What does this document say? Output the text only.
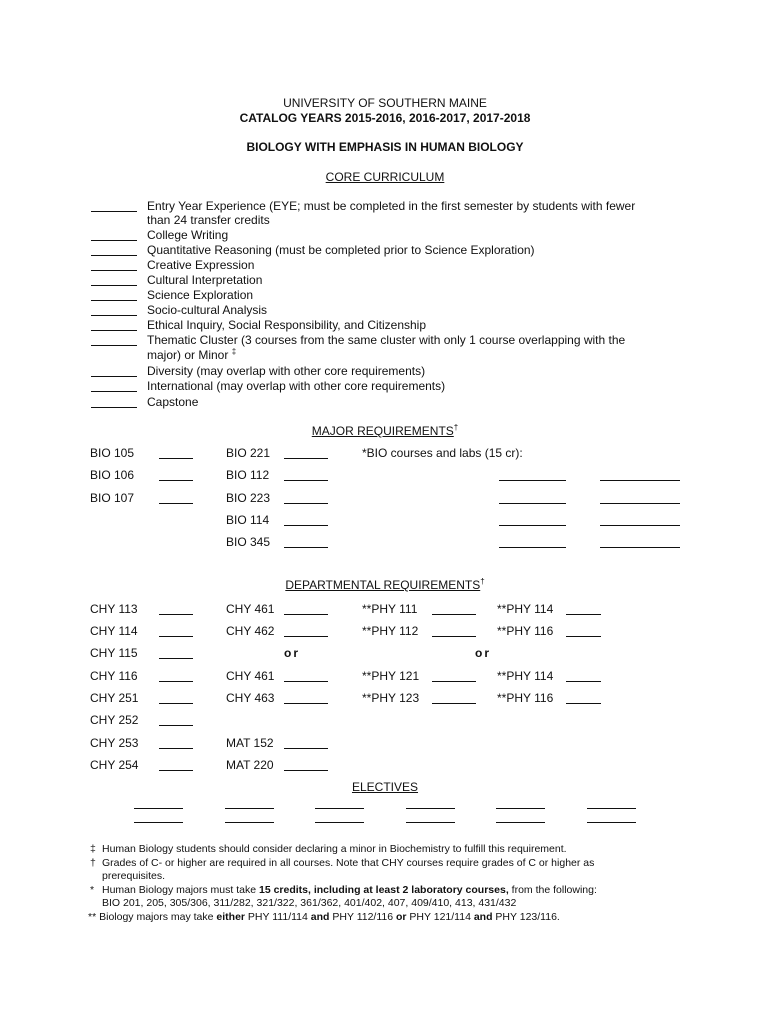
UNIVERSITY OF SOUTHERN MAINE
CATALOG YEARS 2015-2016, 2016-2017, 2017-2018
BIOLOGY WITH EMPHASIS IN HUMAN BIOLOGY
CORE CURRICULUM
Entry Year Experience (EYE; must be completed in the first semester by students with fewer
than 24 transfer credits
College Writing
Quantitative Reasoning (must be completed prior to Science Exploration)
Creative Expression
Cultural Interpretation
Science Exploration
Socio-cultural Analysis
Ethical Inquiry, Social Responsibility, and Citizenship
Thematic Cluster (3 courses from the same cluster with only 1 course overlapping with the
major) or Minor ‡
Diversity (may overlap with other core requirements)
International (may overlap with other core requirements)
Capstone
MAJOR REQUIREMENTS†
BIO 105
BIO 106
BIO 107
BIO 221
BIO 112
BIO 223
BIO 114
BIO 345
*BIO courses and labs (15 cr):
DEPARTMENTAL REQUIREMENTS†
CHY 113
CHY 114
CHY 115
CHY 116
CHY 251
CHY 252
CHY 253
CHY 254
CHY 461
CHY 462
or
CHY 461
CHY 463
MAT 152
MAT 220
**PHY 111
**PHY 112
**PHY 121
**PHY 123
or
**PHY 114
**PHY 116
**PHY 114
**PHY 116
ELECTIVES
‡ Human Biology students should consider declaring a minor in Biochemistry to fulfill this requirement.
† Grades of C- or higher are required in all courses. Note that CHY courses require grades of C or higher as prerequisites.
* Human Biology majors must take 15 credits, including at least 2 laboratory courses, from the following:
BIO 201, 205, 305/306, 311/282, 321/322, 361/362, 401/402, 407, 409/410, 413, 431/432
** Biology majors may take either PHY 111/114 and PHY 112/116 or PHY 121/114 and PHY 123/116.
